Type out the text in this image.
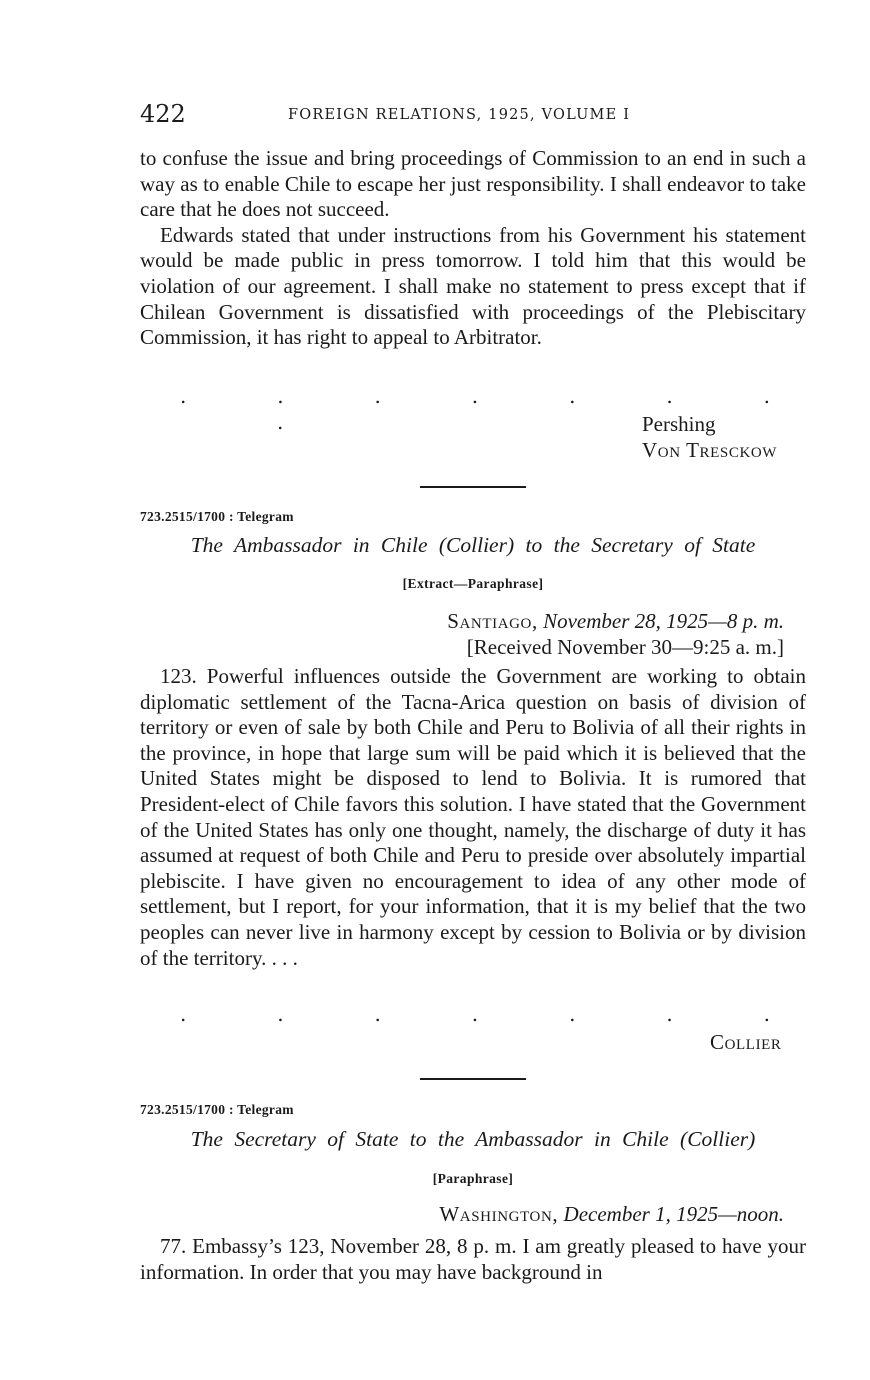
422	FOREIGN RELATIONS, 1925, VOLUME I

to confuse the issue and bring proceedings of Commission to an end in such a way as to enable Chile to escape her just responsibility. I shall endeavor to take care that he does not succeed.

Edwards stated that under instructions from his Government his statement would be made public in press tomorrow. I told him that this would be violation of our agreement. I shall make no statement to press except that if Chilean Government is dissatisfied with proceedings of the Plebiscitary Commission, it has right to appeal to Arbitrator.

.	.	.	.	.	.	.
.	Pershing
Von Tresckow
723.2515/1700 : Telegram
The Ambassador in Chile (Collier) to the Secretary of State
[Extract—Paraphrase]
Santiago, November 28, 1925—8 p. m.
[Received November 30—9:25 a. m.]

123. Powerful influences outside the Government are working to obtain diplomatic settlement of the Tacna-Arica question on basis of division of territory or even of sale by both Chile and Peru to Bolivia of all their rights in the province, in hope that large sum will be paid which it is believed that the United States might be disposed to lend to Bolivia. It is rumored that President-elect of Chile favors this solution. I have stated that the Government of the United States has only one thought, namely, the discharge of duty it has assumed at request of both Chile and Peru to preside over absolutely impartial plebiscite. I have given no encouragement to idea of any other mode of settlement, but I report, for your information, that it is my belief that the two peoples can never live in harmony except by cession to Bolivia or by division of the territory. . . .

.	.	.	.	.	.	.
Collier
723.2515/1700 : Telegram
The Secretary of State to the Ambassador in Chile (Collier)
[Paraphrase]
Washington, December 1, 1925—noon.

77. Embassy’s 123, November 28, 8 p. m. I am greatly pleased to have your information. In order that you may have background in
